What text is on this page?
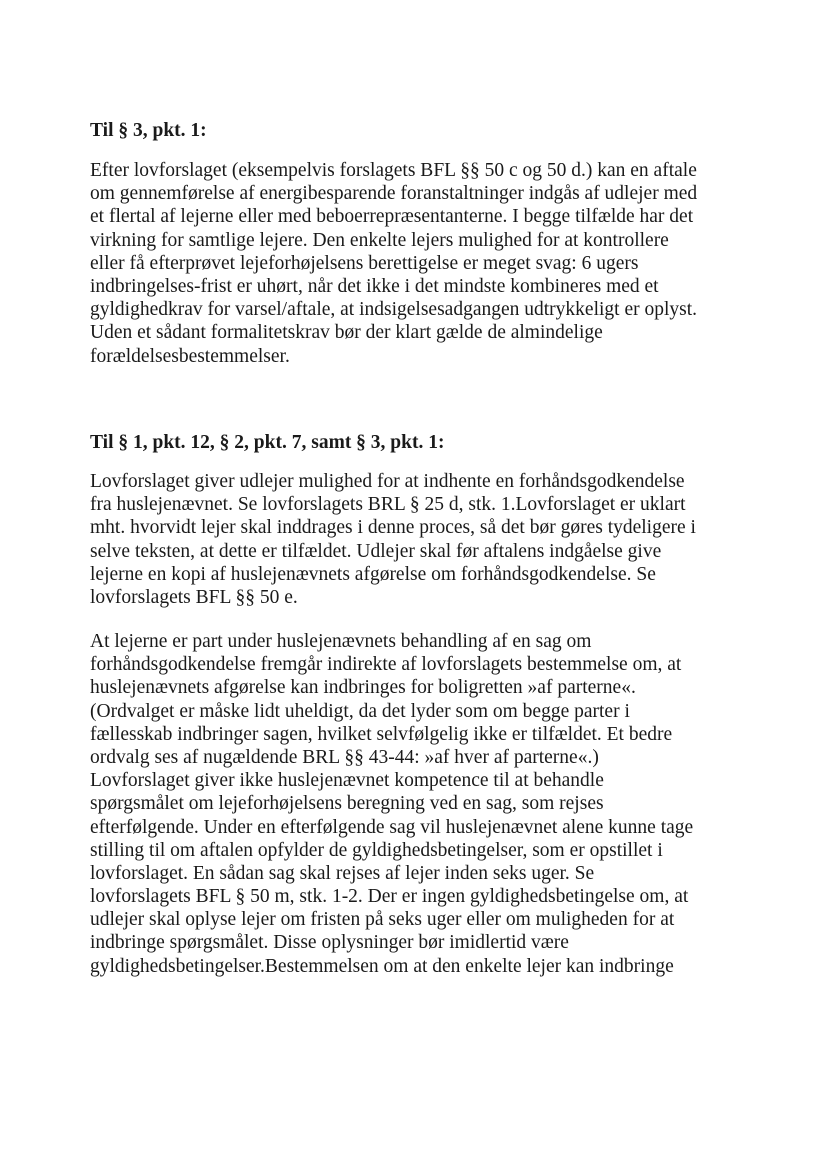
Til § 3, pkt. 1:
Efter lovforslaget (eksempelvis forslagets BFL §§ 50 c og 50 d.) kan en aftale
om gennemførelse af energibesparende foranstaltninger indgås af udlejer med
et flertal af lejerne eller med beboerrepræsentanterne. I begge tilfælde har det
virkning for samtlige lejere. Den enkelte lejers mulighed for at kontrollere
eller få efterprøvet lejeforhøjelsens berettigelse er meget svag: 6 ugers
indbringelses-frist er uhørt, når det ikke i det mindste kombineres med et
gyldighedkrav for varsel/aftale, at indsigelsesadgangen udtrykkeligt er oplyst.
Uden et sådant formalitetskrav bør der klart gælde de almindelige
forældelsesbestemmelser.
Til § 1, pkt. 12, § 2, pkt. 7, samt § 3, pkt. 1:
Lovforslaget giver udlejer mulighed for at indhente en forhåndsgodkendelse
fra huslejenævnet. Se lovforslagets BRL § 25 d, stk. 1.Lovforslaget er uklart
mht. hvorvidt lejer skal inddrages i denne proces, så det bør gøres tydeligere i
selve teksten, at dette er tilfældet. Udlejer skal før aftalens indgåelse give
lejerne en kopi af huslejenævnets afgørelse om forhåndsgodkendelse. Se
lovforslagets BFL §§ 50 e.
At lejerne er part under huslejenævnets behandling af en sag om
forhåndsgodkendelse fremgår indirekte af lovforslagets bestemmelse om, at
huslejenævnets afgørelse kan indbringes for boligretten »af parterne«.
(Ordvalget er måske lidt uheldigt, da det lyder som om begge parter i
fællesskab indbringer sagen, hvilket selvfølgelig ikke er tilfældet. Et bedre
ordvalg ses af nugældende BRL §§ 43-44: »af hver af parterne«.)
Lovforslaget giver ikke huslejenævnet kompetence til at behandle
spørgsmålet om lejeforhøjelsens beregning ved en sag, som rejses
efterfølgende. Under en efterfølgende sag vil huslejenævnet alene kunne tage
stilling til om aftalen opfylder de gyldighedsbetingelser, som er opstillet i
lovforslaget. En sådan sag skal rejses af lejer inden seks uger. Se
lovforslagets BFL § 50 m, stk. 1-2. Der er ingen gyldighedsbetingelse om, at
udlejer skal oplyse lejer om fristen på seks uger eller om muligheden for at
indbringe spørgsmålet. Disse oplysninger bør imidlertid være
gyldighedsbetingelser.Bestemmelsen om at den enkelte lejer kan indbringe
